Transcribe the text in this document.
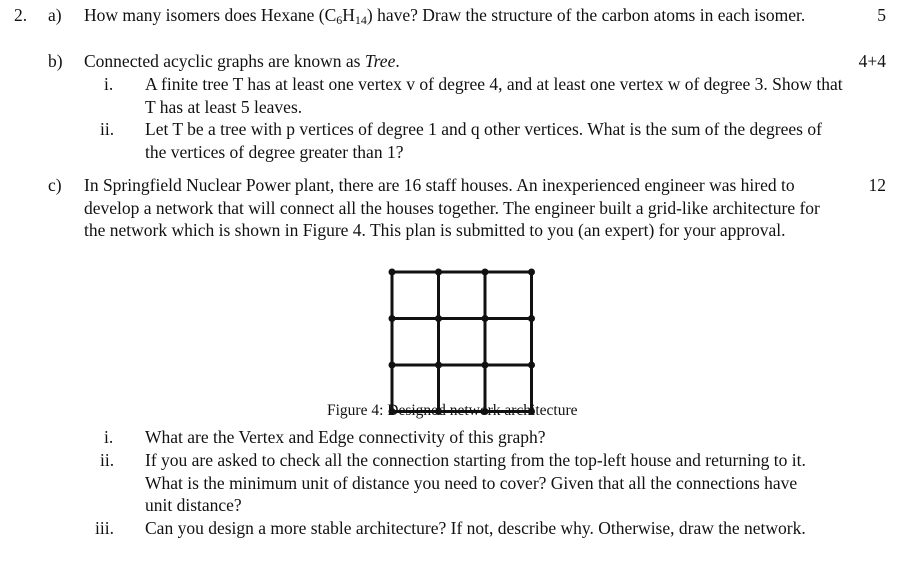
2. a) How many isomers does Hexane $(C_6H_{14})$ have? Draw the structure of the carbon atoms in each isomer.	5
b) Connected acyclic graphs are known as Tree.	4+4
i. A finite tree T has at least one vertex v of degree 4, and at least one vertex w of degree 3. Show that T has at least 5 leaves.
ii. Let T be a tree with p vertices of degree 1 and q other vertices. What is the sum of the degrees of the vertices of degree greater than 1?
c) In Springfield Nuclear Power plant, there are 16 staff houses. An inexperienced engineer was hired to develop a network that will connect all the houses together. The engineer built a grid-like architecture for the network which is shown in Figure 4. This plan is submitted to you (an expert) for your approval.
12
Figure 4: Designed network architecture
i. What are the Vertex and Edge connectivity of this graph?
ii. If you are asked to check all the connection starting from the top-left house and returning to it. What is the minimum unit of distance you need to cover? Given that all the connections have unit distance?
iii. Can you design a more stable architecture? If not, describe why. Otherwise, draw the network.
